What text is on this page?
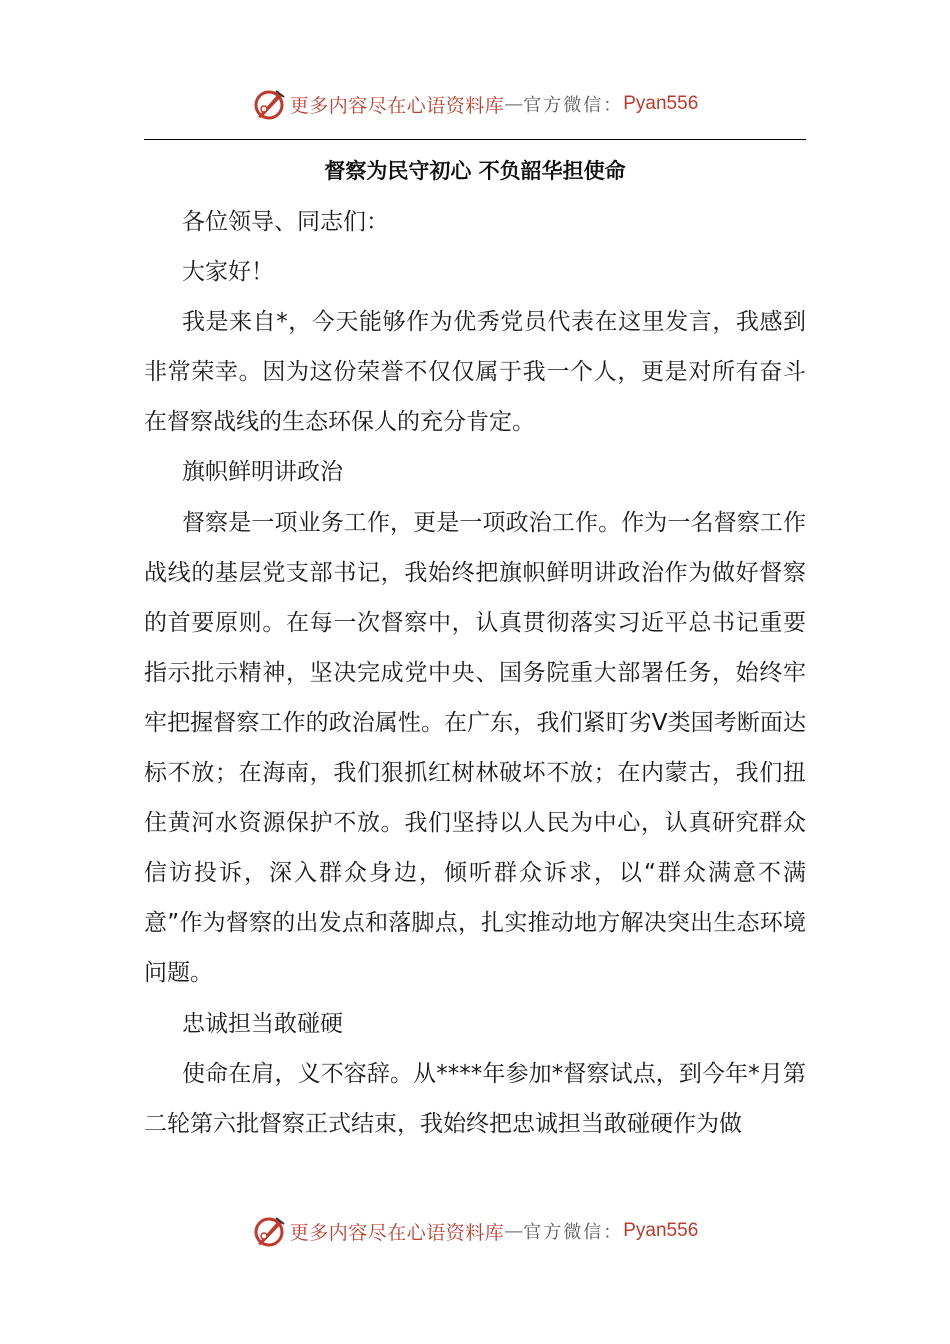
更多内容尽在心语资料库 — 官方微信： Pyan556
督察为民守初心 不负韶华担使命

各位领导、同志们：

大家好！

我是来自*，今天能够作为优秀党员代表在这里发言，我感到非常荣幸。因为这份荣誉不仅仅属于我一个人，更是对所有奋斗在督察战线的生态环保人的充分肯定。

旗帜鲜明讲政治

督察是一项业务工作，更是一项政治工作。作为一名督察工作战线的基层党支部书记，我始终把旗帜鲜明讲政治作为做好督察的首要原则。在每一次督察中，认真贯彻落实习近平总书记重要指示批示精神，坚决完成党中央、国务院重大部署任务，始终牢牢把握督察工作的政治属性。在广东，我们紧盯劣Ⅴ类国考断面达标不放；在海南，我们狠抓红树林破坏不放；在内蒙古，我们扭住黄河水资源保护不放。我们坚持以人民为中心，认真研究群众信访投诉，深入群众身边，倾听群众诉求，以“群众满意不满意”作为督察的出发点和落脚点，扎实推动地方解决突出生态环境问题。

忠诚担当敢碰硬

使命在肩，义不容辞。从****年参加*督察试点，到今年*月第二轮第六批督察正式结束，我始终把忠诚担当敢碰硬作为做

更多内容尽在心语资料库 — 官方微信： Pyan556
